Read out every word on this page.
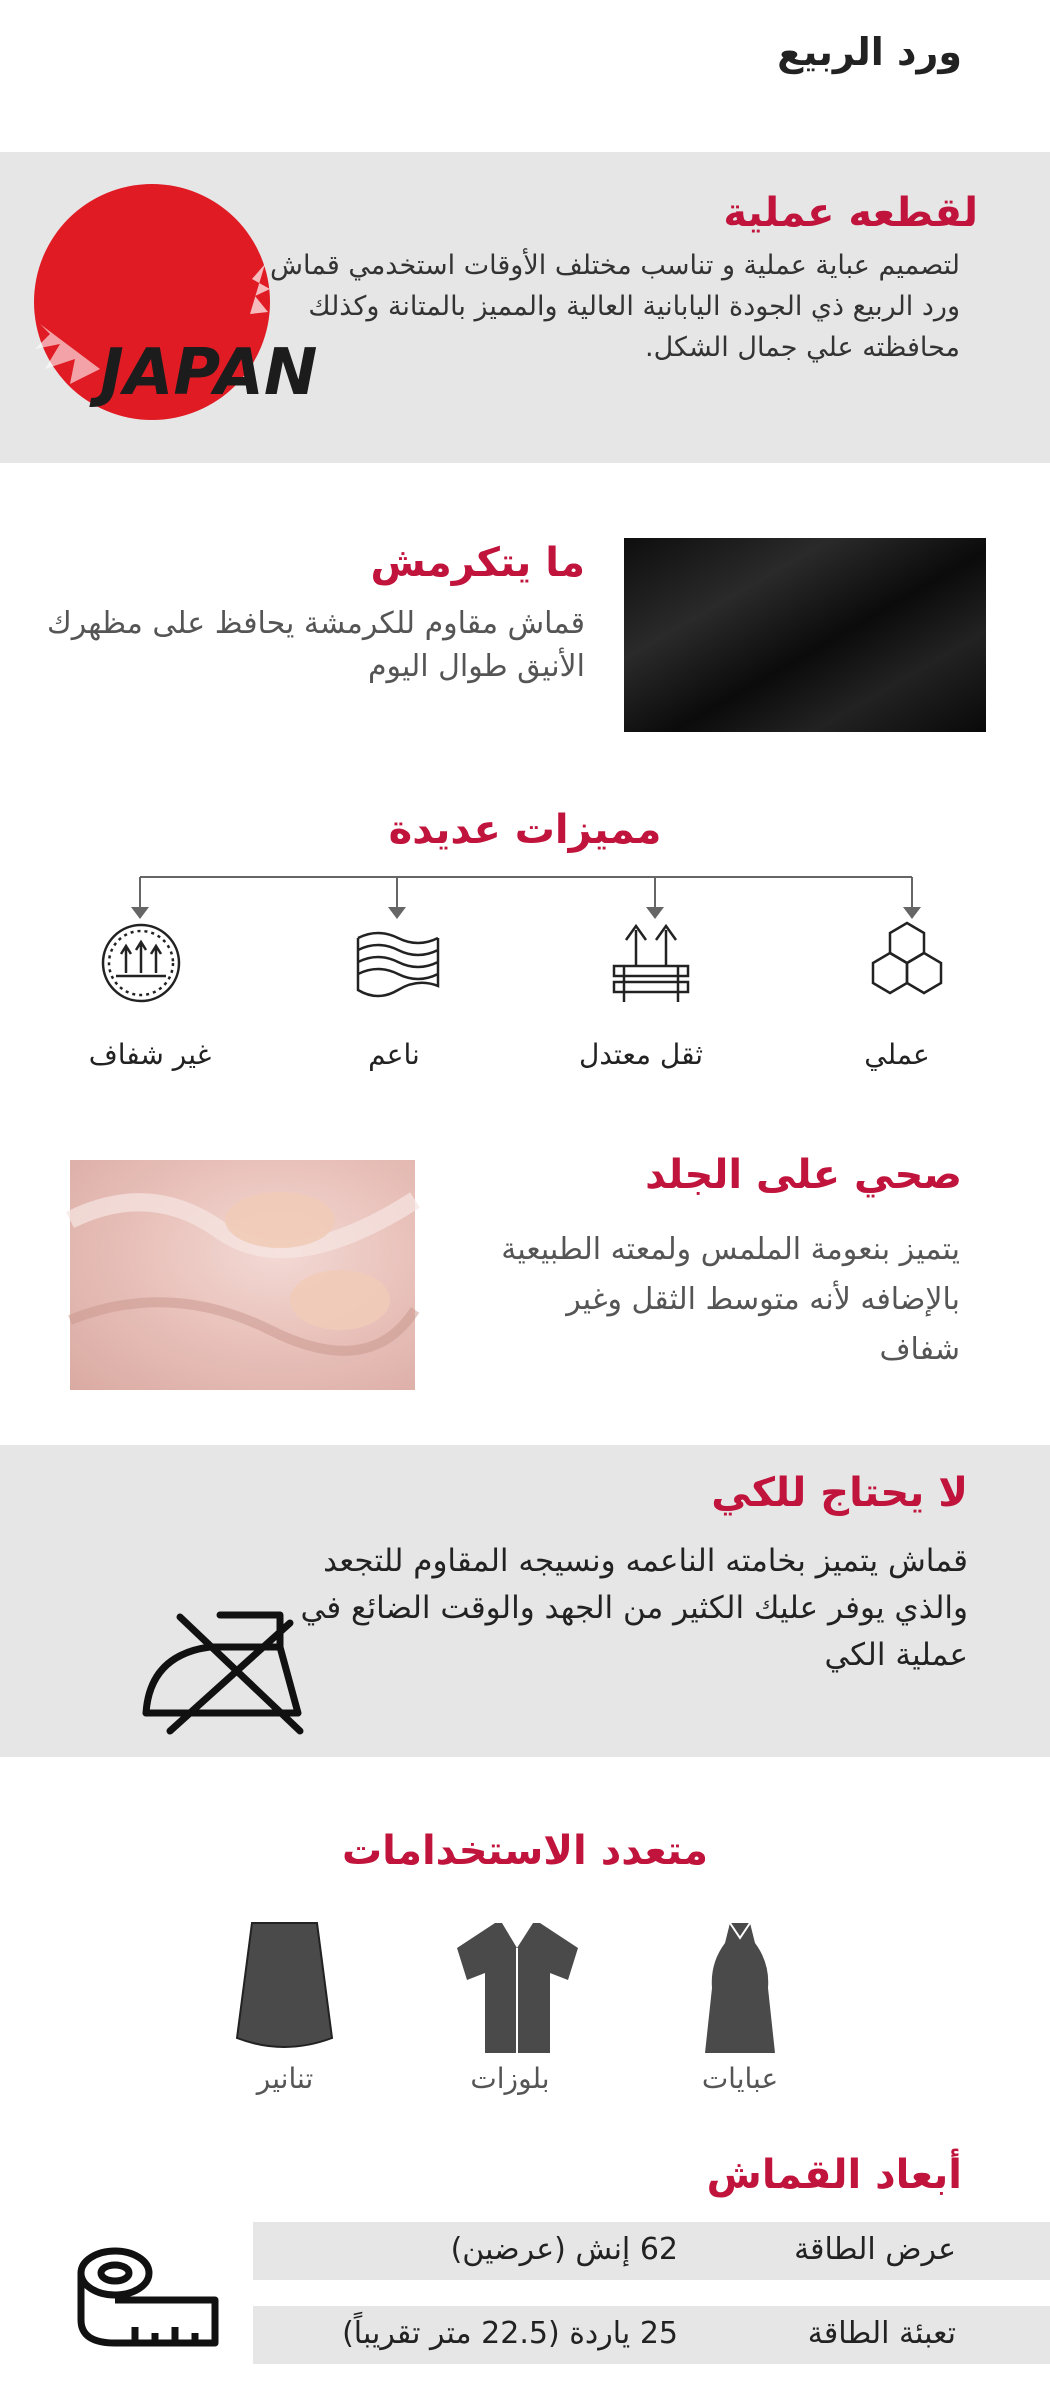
ورد الربيع
JAPAN
لقطعه عملية
لتصميم عباية عملية و تناسب مختلف الأوقات استخدمي قماش ورد الربيع ذي الجودة اليابانية العالية والمميز بالمتانة وكذلك محافظته علي جمال الشكل.
ما يتكرمش
قماش مقاوم للكرمشة يحافظ على مظهرك الأنيق طوال اليوم
مميزات عديدة
عملي
ثقل معتدل
ناعم
غير شفاف
صحي على الجلد
يتميز بنعومة الملمس ولمعته الطبيعية بالإضافه لأنه متوسط الثقل وغير شفاف
لا يحتاج للكي
قماش يتميز بخامته الناعمه ونسيجه المقاوم للتجعد والذي يوفر عليك الكثير من الجهد والوقت الضائع في عملية الكي
متعدد الاستخدامات
عبايات
بلوزات
تنانير
أبعاد القماش
عرض الطاقة
62 إنش (عرضين)
تعبئة الطاقة
25 ياردة (22.5 متر تقريباً)
